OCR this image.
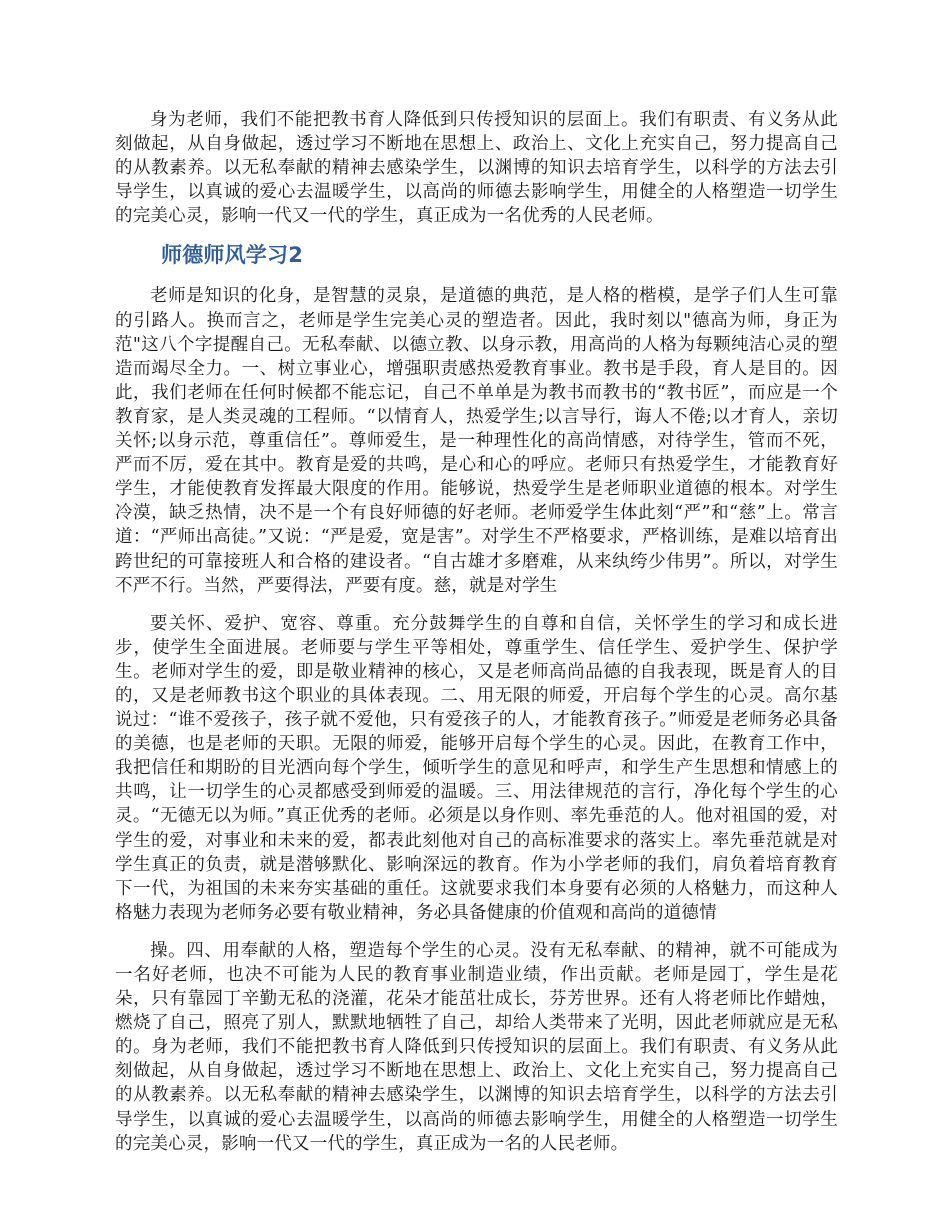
身为老师，我们不能把教书育人降低到只传授知识的层面上。我们有职责、有义务从此刻做起，从自身做起，透过学习不断地在思想上、政治上、文化上充实自己，努力提高自己的从教素养。以无私奉献的精神去感染学生，以渊博的知识去培育学生，以科学的方法去引导学生，以真诚的爱心去温暖学生，以高尚的师德去影响学生，用健全的人格塑造一切学生的完美心灵，影响一代又一代的学生，真正成为一名优秀的人民老师。

师德师风学习2

老师是知识的化身，是智慧的灵泉，是道德的典范，是人格的楷模，是学子们人生可靠的引路人。换而言之，老师是学生完美心灵的塑造者。因此，我时刻以"德高为师，身正为范"这八个字提醒自己。无私奉献、以德立教、以身示教，用高尚的人格为每颗纯洁心灵的塑造而竭尽全力。一、树立事业心，增强职责感热爱教育事业。教书是手段，育人是目的。因此，我们老师在任何时候都不能忘记，自己不单单是为教书而教书的“教书匠”，而应是一个教育家，是人类灵魂的工程师。“以情育人，热爱学生;以言导行，诲人不倦;以才育人，亲切关怀;以身示范，尊重信任”。尊师爱生，是一种理性化的高尚情感，对待学生，管而不死，严而不厉，爱在其中。教育是爱的共鸣，是心和心的呼应。老师只有热爱学生，才能教育好学生，才能使教育发挥最大限度的作用。能够说，热爱学生是老师职业道德的根本。对学生冷漠，缺乏热情，决不是一个有良好师德的好老师。老师爱学生体此刻“严”和“慈”上。常言道：“严师出高徒。”又说：“严是爱，宽是害”。对学生不严格要求，严格训练，是难以培育出跨世纪的可靠接班人和合格的建设者。“自古雄才多磨难，从来纨绔少伟男”。所以，对学生不严不行。当然，严要得法，严要有度。慈，就是对学生

要关怀、爱护、宽容、尊重。充分鼓舞学生的自尊和自信，关怀学生的学习和成长进步，使学生全面进展。老师要与学生平等相处，尊重学生、信任学生、爱护学生、保护学生。老师对学生的爱，即是敬业精神的核心，又是老师高尚品德的自我表现，既是育人的目的，又是老师教书这个职业的具体表现。二、用无限的师爱，开启每个学生的心灵。高尔基说过：“谁不爱孩子，孩子就不爱他，只有爱孩子的人，才能教育孩子。”师爱是老师务必具备的美德，也是老师的天职。无限的师爱，能够开启每个学生的心灵。因此，在教育工作中，我把信任和期盼的目光洒向每个学生，倾听学生的意见和呼声，和学生产生思想和情感上的共鸣，让一切学生的心灵都感受到师爱的温暖。三、用法律规范的言行，净化每个学生的心灵。“无德无以为师。”真正优秀的老师。必须是以身作则、率先垂范的人。他对祖国的爱，对学生的爱，对事业和未来的爱，都表此刻他对自己的高标准要求的落实上。率先垂范就是对学生真正的负责，就是潜够默化、影响深远的教育。作为小学老师的我们，肩负着培育教育下一代，为祖国的未来夯实基础的重任。这就要求我们本身要有必须的人格魅力，而这种人格魅力表现为老师务必要有敬业精神，务必具备健康的价值观和高尚的道德情

操。四、用奉献的人格，塑造每个学生的心灵。没有无私奉献、的精神，就不可能成为一名好老师，也决不可能为人民的教育事业制造业绩，作出贡献。老师是园丁，学生是花朵，只有靠园丁辛勤无私的浇灌，花朵才能茁壮成长，芬芳世界。还有人将老师比作蜡烛，燃烧了自己，照亮了别人，默默地牺牲了自己，却给人类带来了光明，因此老师就应是无私的。身为老师，我们不能把教书育人降低到只传授知识的层面上。我们有职责、有义务从此刻做起，从自身做起，透过学习不断地在思想上、政治上、文化上充实自己，努力提高自己的从教素养。以无私奉献的精神去感染学生，以渊博的知识去培育学生，以科学的方法去引导学生，以真诚的爱心去温暖学生，以高尚的师德去影响学生，用健全的人格塑造一切学生的完美心灵，影响一代又一代的学生，真正成为一名的人民老师。
